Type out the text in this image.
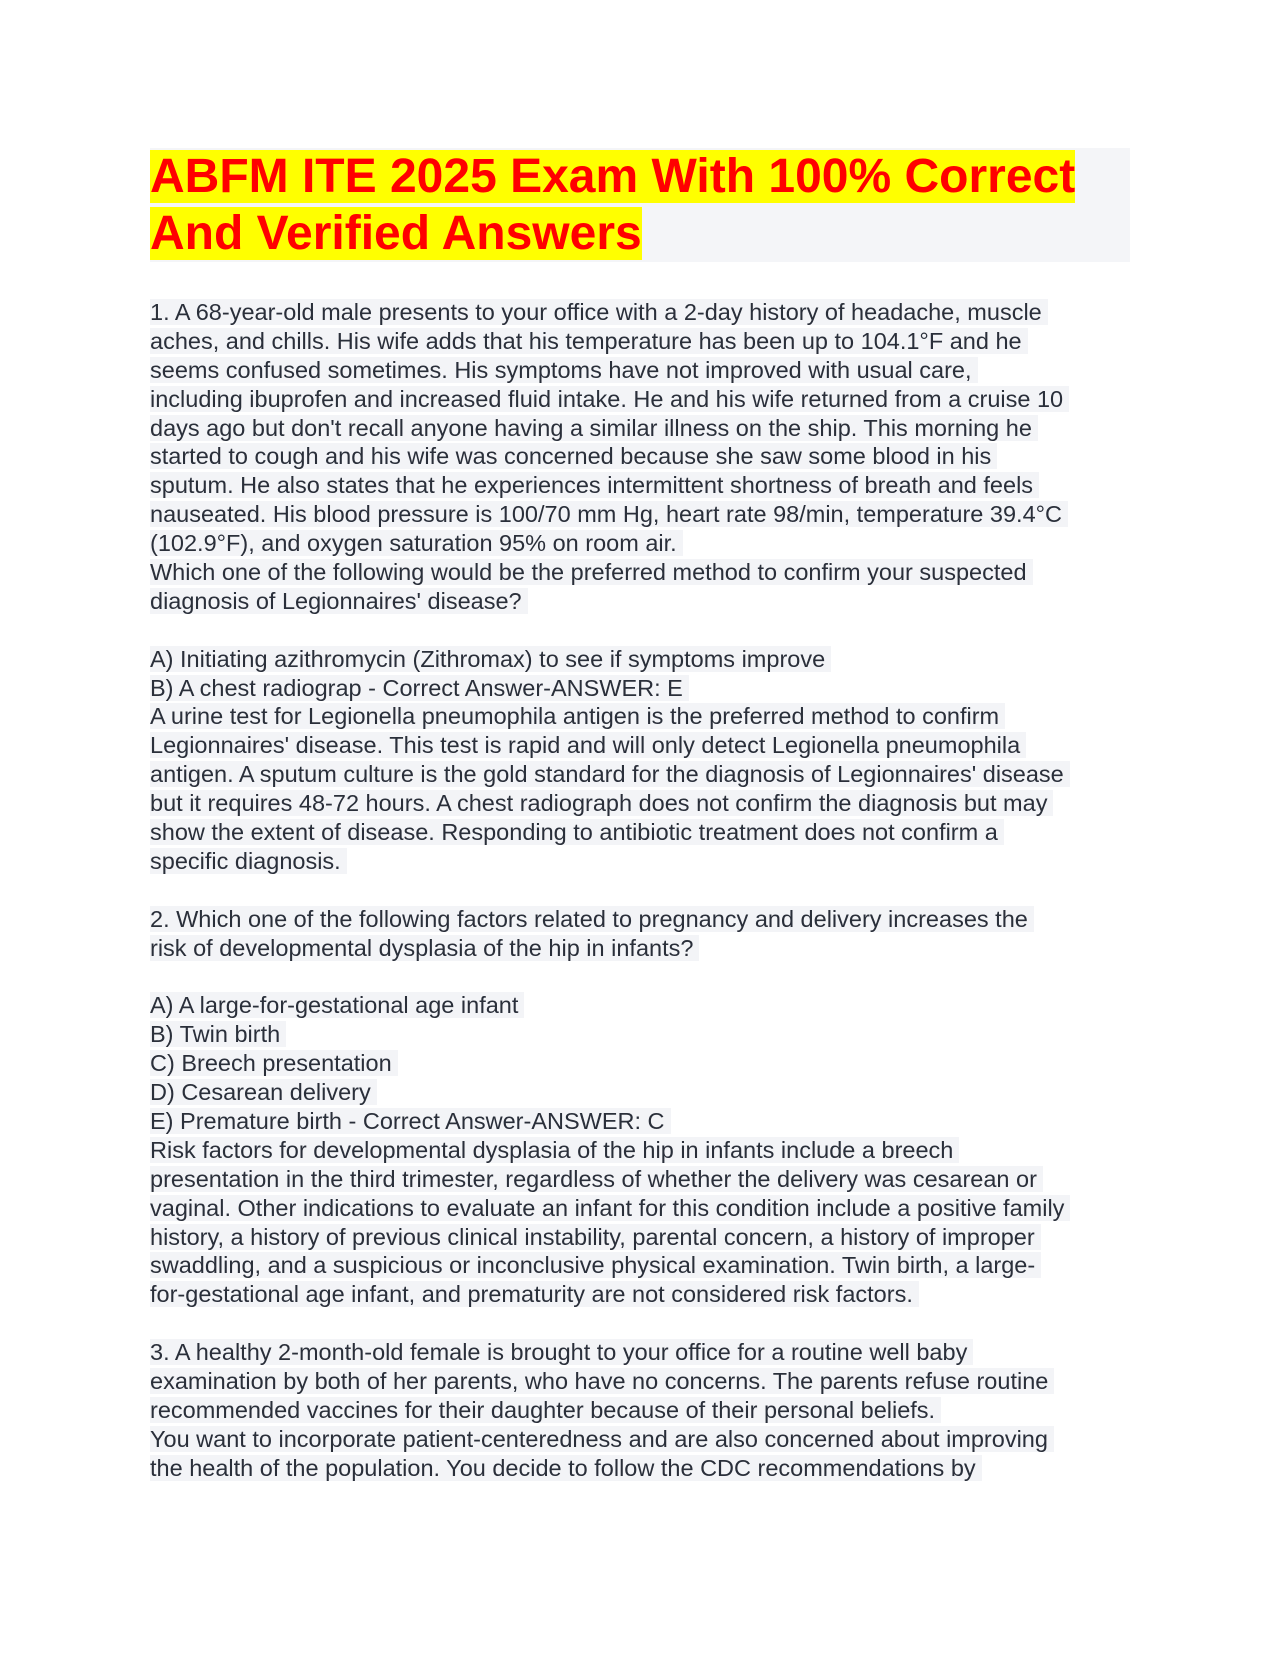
ABFM ITE 2025 Exam With 100% Correct
And Verified Answers
1. A 68-year-old male presents to your office with a 2-day history of headache, muscle
aches, and chills. His wife adds that his temperature has been up to 104.1°F and he
seems confused sometimes. His symptoms have not improved with usual care,
including ibuprofen and increased fluid intake. He and his wife returned from a cruise 10
days ago but don't recall anyone having a similar illness on the ship. This morning he
started to cough and his wife was concerned because she saw some blood in his
sputum. He also states that he experiences intermittent shortness of breath and feels
nauseated. His blood pressure is 100/70 mm Hg, heart rate 98/min, temperature 39.4°C
(102.9°F), and oxygen saturation 95% on room air.
Which one of the following would be the preferred method to confirm your suspected
diagnosis of Legionnaires' disease?
A) Initiating azithromycin (Zithromax) to see if symptoms improve
B) A chest radiograp - Correct Answer-ANSWER: E
A urine test for Legionella pneumophila antigen is the preferred method to confirm
Legionnaires' disease. This test is rapid and will only detect Legionella pneumophila
antigen. A sputum culture is the gold standard for the diagnosis of Legionnaires' disease
but it requires 48-72 hours. A chest radiograph does not confirm the diagnosis but may
show the extent of disease. Responding to antibiotic treatment does not confirm a
specific diagnosis.
2. Which one of the following factors related to pregnancy and delivery increases the
risk of developmental dysplasia of the hip in infants?
A) A large-for-gestational age infant
B) Twin birth
C) Breech presentation
D) Cesarean delivery
E) Premature birth - Correct Answer-ANSWER: C
Risk factors for developmental dysplasia of the hip in infants include a breech
presentation in the third trimester, regardless of whether the delivery was cesarean or
vaginal. Other indications to evaluate an infant for this condition include a positive family
history, a history of previous clinical instability, parental concern, a history of improper
swaddling, and a suspicious or inconclusive physical examination. Twin birth, a large-
for-gestational age infant, and prematurity are not considered risk factors.
3. A healthy 2-month-old female is brought to your office for a routine well baby
examination by both of her parents, who have no concerns. The parents refuse routine
recommended vaccines for their daughter because of their personal beliefs.
You want to incorporate patient-centeredness and are also concerned about improving
the health of the population. You decide to follow the CDC recommendations by
